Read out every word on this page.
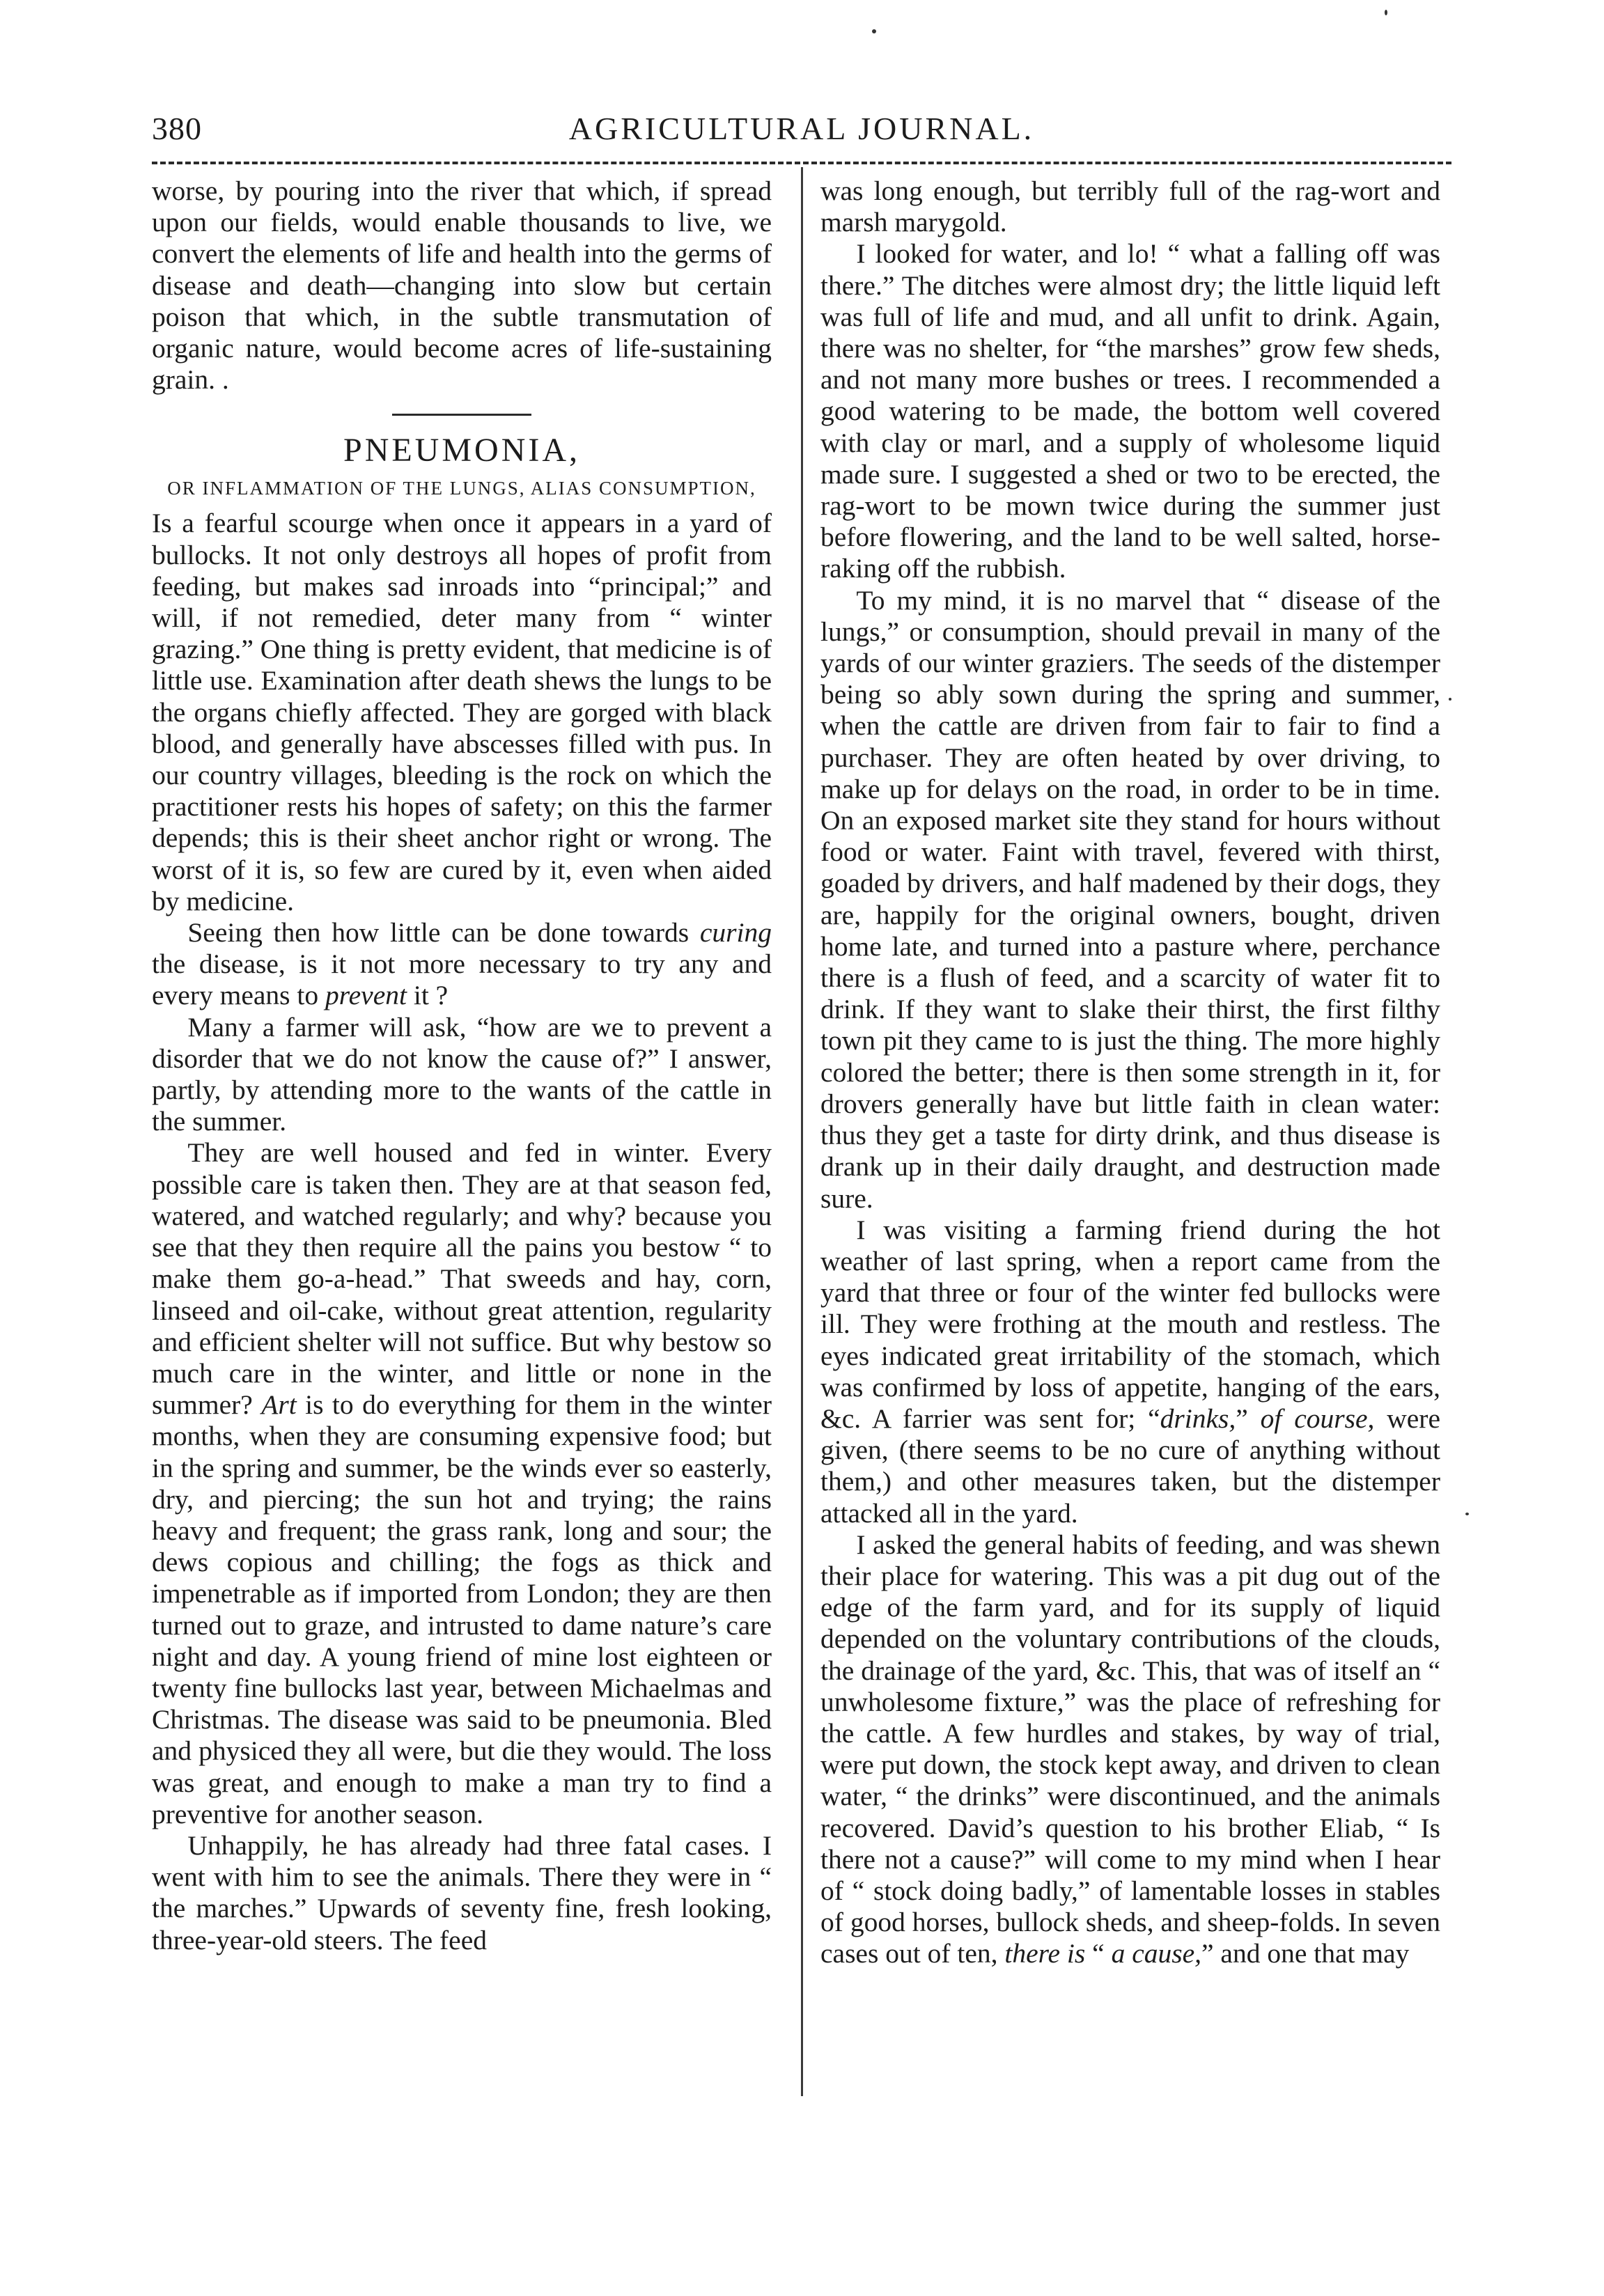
380	AGRICULTURAL JOURNAL.

worse, by pouring into the river that which, if spread upon our fields, would enable thousands to live, we convert the elements of life and health into the germs of disease and death—changing into slow but certain poison that which, in the subtle transmutation of organic nature, would become acres of life-sustaining grain. .

PNEUMONIA,
OR INFLAMMATION OF THE LUNGS, ALIAS CONSUMPTION,

Is a fearful scourge when once it appears in a yard of bullocks. It not only destroys all hopes of profit from feeding, but makes sad inroads into “principal;” and will, if not remedied, deter many from “ winter grazing.” One thing is pretty evident, that medicine is of little use. Examination after death shews the lungs to be the organs chiefly affected. They are gorged with black blood, and generally have abscesses filled with pus. In our country villages, bleeding is the rock on which the practitioner rests his hopes of safety; on this the farmer depends; this is their sheet anchor right or wrong. The worst of it is, so few are cured by it, even when aided by medicine.

Seeing then how little can be done towards curing the disease, is it not more necessary to try any and every means to prevent it ?

Many a farmer will ask, “how are we to prevent a disorder that we do not know the cause of?” I answer, partly, by attending more to the wants of the cattle in the summer.

They are well housed and fed in winter. Every possible care is taken then. They are at that season fed, watered, and watched regularly; and why? because you see that they then require all the pains you bestow “ to make them go-a-head.” That sweeds and hay, corn, linseed and oil-cake, without great attention, regularity and efficient shelter will not suffice. But why bestow so much care in the winter, and little or none in the summer? Art is to do everything for them in the winter months, when they are consuming expensive food; but in the spring and summer, be the winds ever so easterly, dry, and piercing; the sun hot and trying; the rains heavy and frequent; the grass rank, long and sour; the dews copious and chilling; the fogs as thick and impenetrable as if imported from London; they are then turned out to graze, and intrusted to dame nature’s care night and day. A young friend of mine lost eighteen or twenty fine bullocks last year, between Michaelmas and Christmas. The disease was said to be pneumonia. Bled and physiced they all were, but die they would. The loss was great, and enough to make a man try to find a preventive for another season.

Unhappily, he has already had three fatal cases. I went with him to see the animals. There they were in “ the marches.” Upwards of seventy fine, fresh looking, three-year-old steers. The feed

was long enough, but terribly full of the rag-wort and marsh marygold.

I looked for water, and lo! “ what a falling off was there.” The ditches were almost dry; the little liquid left was full of life and mud, and all unfit to drink. Again, there was no shelter, for “the marshes” grow few sheds, and not many more bushes or trees. I recommended a good watering to be made, the bottom well covered with clay or marl, and a supply of wholesome liquid made sure. I suggested a shed or two to be erected, the rag-wort to be mown twice during the summer just before flowering, and the land to be well salted, horse-raking off the rubbish.

To my mind, it is no marvel that “ disease of the lungs,” or consumption, should prevail in many of the yards of our winter graziers. The seeds of the distemper being so ably sown during the spring and summer, when the cattle are driven from fair to fair to find a purchaser. They are often heated by over driving, to make up for delays on the road, in order to be in time. On an exposed market site they stand for hours without food or water. Faint with travel, fevered with thirst, goaded by drivers, and half madened by their dogs, they are, happily for the original owners, bought, driven home late, and turned into a pasture where, perchance there is a flush of feed, and a scarcity of water fit to drink. If they want to slake their thirst, the first filthy town pit they came to is just the thing. The more highly colored the better; there is then some strength in it, for drovers generally have but little faith in clean water: thus they get a taste for dirty drink, and thus disease is drank up in their daily draught, and destruction made sure.

I was visiting a farming friend during the hot weather of last spring, when a report came from the yard that three or four of the winter fed bullocks were ill. They were frothing at the mouth and restless. The eyes indicated great irritability of the stomach, which was confirmed by loss of appetite, hanging of the ears, &c. A farrier was sent for; “drinks,” of course, were given, (there seems to be no cure of anything without them,) and other measures taken, but the distemper attacked all in the yard.

I asked the general habits of feeding, and was shewn their place for watering. This was a pit dug out of the edge of the farm yard, and for its supply of liquid depended on the voluntary contributions of the clouds, the drainage of the yard, &c. This, that was of itself an “ unwholesome fixture,” was the place of refreshing for the cattle. A few hurdles and stakes, by way of trial, were put down, the stock kept away, and driven to clean water, “ the drinks” were discontinued, and the animals recovered. David’s question to his brother Eliab, “ Is there not a cause?” will come to my mind when I hear of “ stock doing badly,” of lamentable losses in stables of good horses, bullock sheds, and sheep-folds. In seven cases out of ten, there is “ a cause,” and one that may
